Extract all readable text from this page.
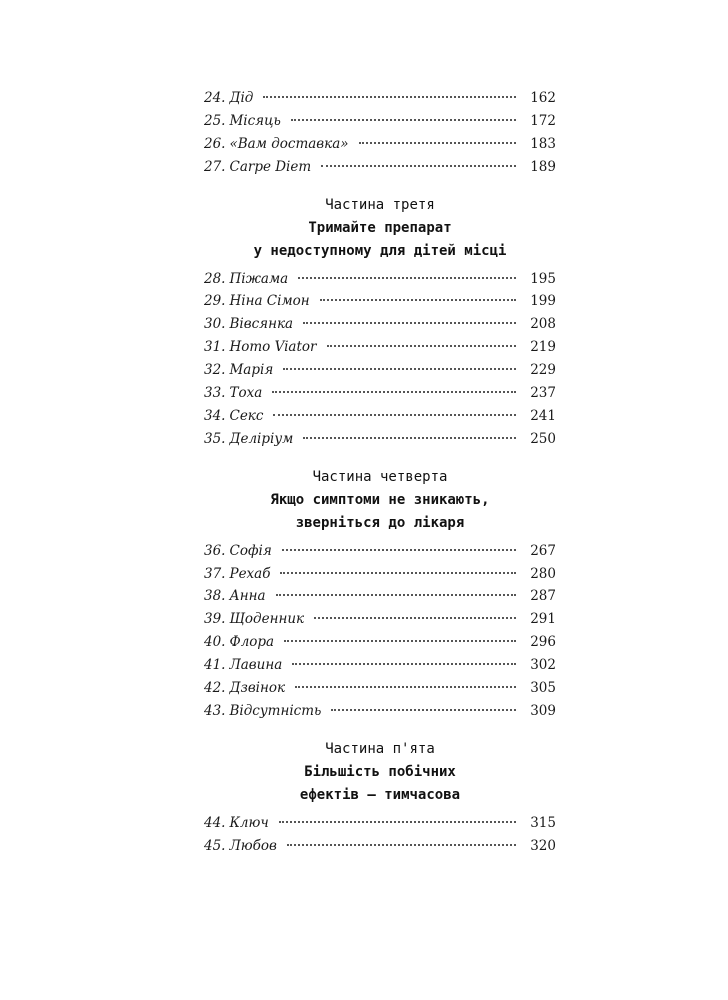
24. Дід	162
25. Місяць	172
26. «Вам доставка»	183
27. Carpe Diem	189
Частина третя
Тримайте препарат
у недоступному для дітей місці
28. Піжама	195
29. Ніна Сімон	199
30. Вівсянка	208
31. Homo Viator	219
32. Марія	229
33. Тоха	237
34. Секс	241
35. Деліріум	250
Частина четверта
Якщо симптоми не зникають,
зверніться до лікаря
36. Софія	267
37. Рехаб	280
38. Анна	287
39. Щоденник	291
40. Флора	296
41. Лавина	302
42. Дзвінок	305
43. Відсутність	309
Частина п'ята
Більшість побічних
ефектів — тимчасова
44. Ключ	315
45. Любов	320
